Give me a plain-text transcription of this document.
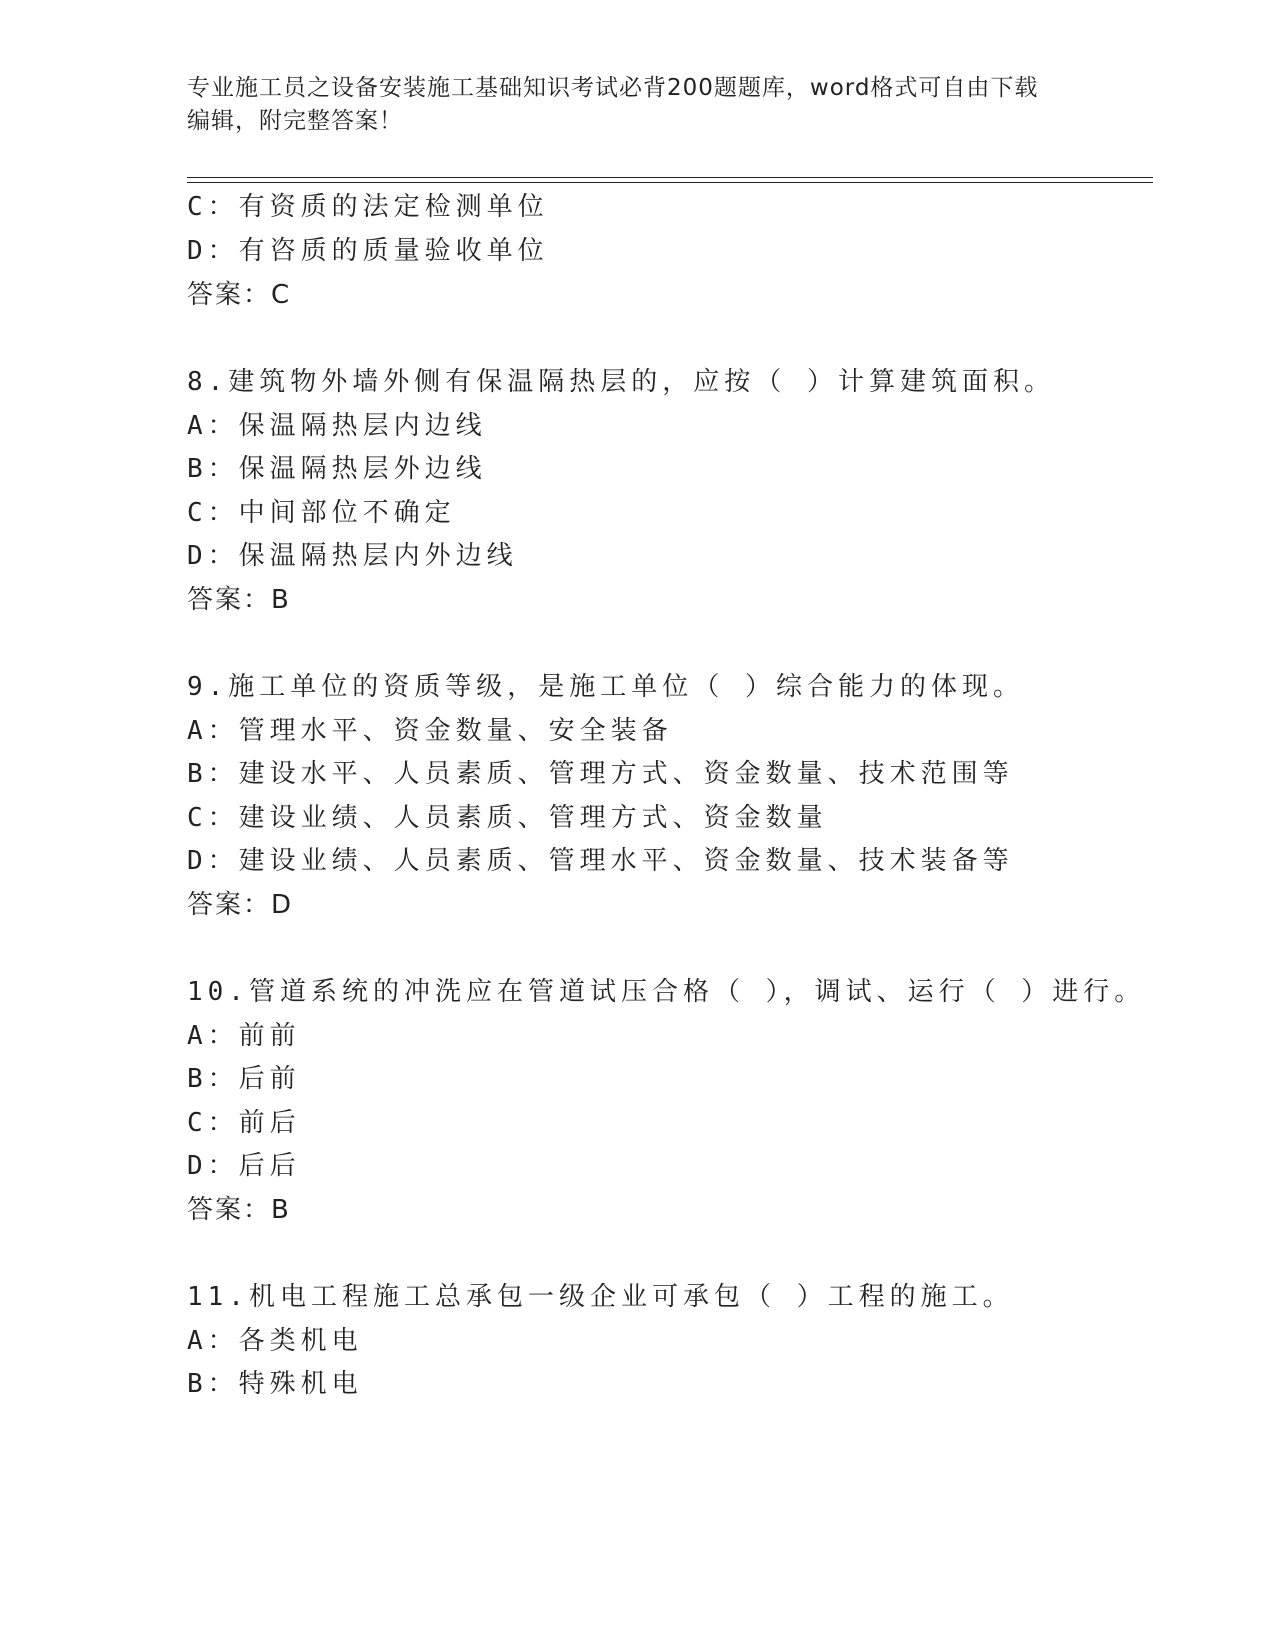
专业施工员之设备安装施工基础知识考试必背200题题库，word格式可自由下载
编辑，附完整答案！
C：有资质的法定检测单位
D：有咨质的质量验收单位
答案：C
8.建筑物外墙外侧有保温隔热层的，应按（ ）计算建筑面积。
A：保温隔热层内边线
B：保温隔热层外边线
C：中间部位不确定
D：保温隔热层内外边线
答案：B
9.施工单位的资质等级，是施工单位（ ）综合能力的体现。
A：管理水平、资金数量、安全装备
B：建设水平、人员素质、管理方式、资金数量、技术范围等
C：建设业绩、人员素质、管理方式、资金数量
D：建设业绩、人员素质、管理水平、资金数量、技术装备等
答案：D
10.管道系统的冲洗应在管道试压合格（ ），调试、运行（ ）进行。
A：前前
B：后前
C：前后
D：后后
答案：B
11.机电工程施工总承包一级企业可承包（ ）工程的施工。
A：各类机电
B：特殊机电
